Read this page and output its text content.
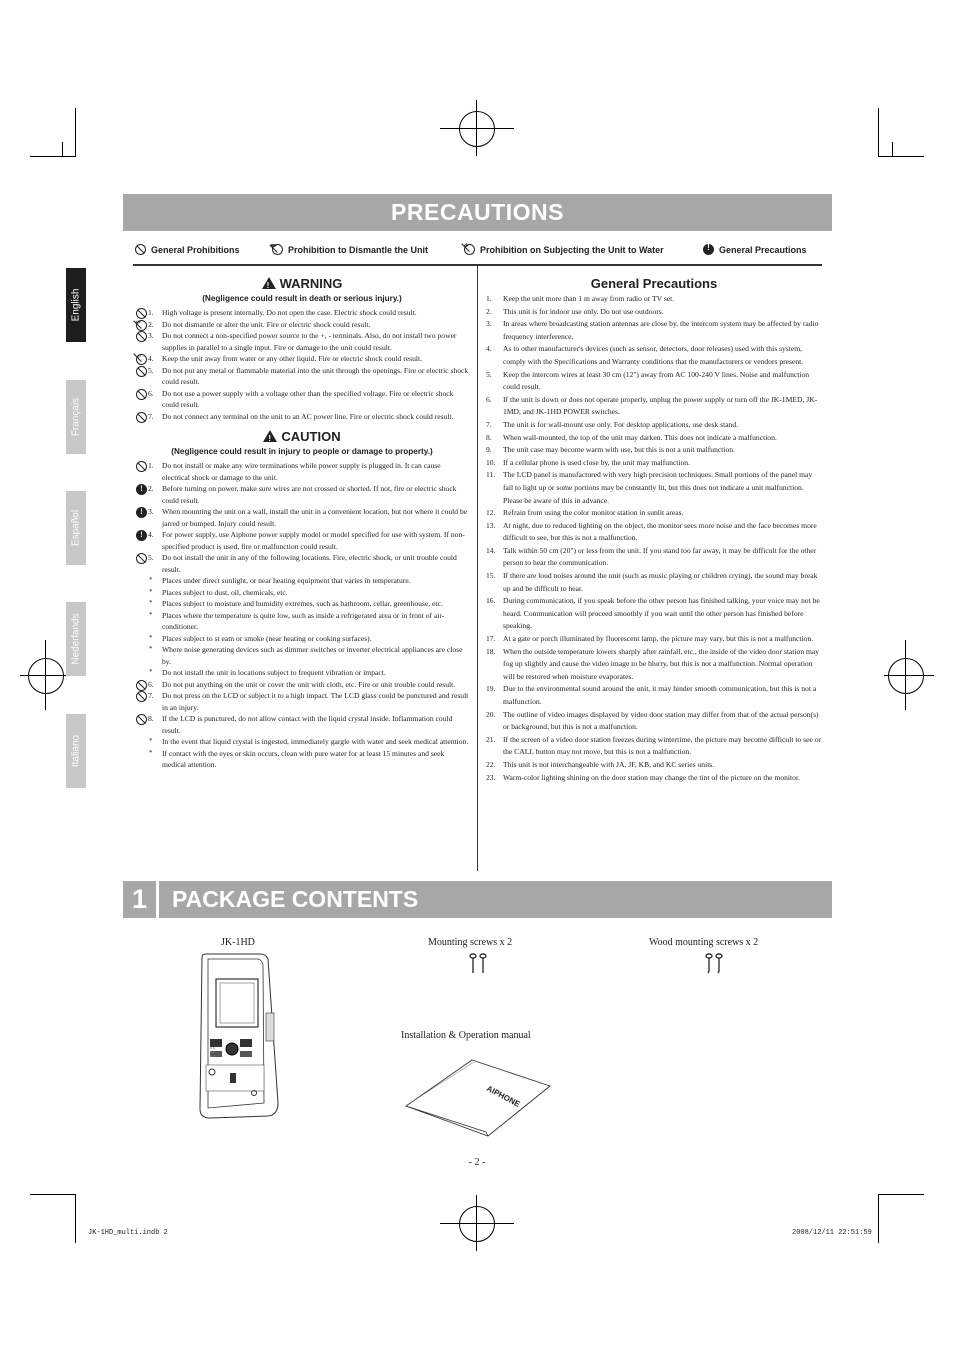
PRECAUTIONS
General Prohibitions ✎	Prohibition to Dismantle the Unit ≈	Prohibition on Subjecting the Unit to Water !	General Precautions
English
Français
Español
Nederlands
Italiano
!WARNING
(Negligence could result in death or serious injury.)
1. High voltage is present internally. Do not open the case. Electric shock could result.
✎
2. Do not dismantle or alter the unit. Fire or electric shock could result.
3. Do not connect a non-specified power source to the +, - terminals. Also, do not install two power supplies in parallel to a single input. Fire or damage to the unit could result.
≈
4. Keep the unit away from water or any other liquid. Fire or electric shock could result.
5. Do not put any metal or flammable material into the unit through the openings. Fire or electric shock could result.
6. Do not use a power supply with a voltage other than the specified voltage. Fire or electric shock could result.
7. Do not connect any terminal on the unit to an AC power line. Fire or electric shock could result.
!CAUTION
(Negligence could result in injury to people or damage to property.)
1. Do not install or make any wire terminations while power supply is plugged in. It can cause electrical shock or damage to the unit.
!
2. Before turning on power, make sure wires are not crossed or shorted. If not, fire or electric shock could result.
!
3. When mounting the unit on a wall, install the unit in a convenient location, but not where it could be jarred or bumped. Injury could result.
!
4. For power supply, use Aiphone power supply model or model specified for use with system. If non-specified product is used, fire or malfunction could result.
5. Do not install the unit in any of the following locations. Fire, electric shock, or unit trouble could result.
* Places under direct sunlight, or near heating equipment that varies in temperature.
* Places subject to dust, oil, chemicals, etc.
* Places subject to moisture and humidity extremes, such as bathroom, cellar, greenhouse, etc.
* Places where the temperature is quite low, such as inside a refrigerated area or in front of air-conditioner.
* Places subject to st eam or smoke (near heating or cooking surfaces).
* Where noise generating devices such as dimmer switches or inverter electrical appliances are close by.
* Do not install the unit in locations subject to frequent vibration or impact.
6. Do not put anything on the unit or cover the unit with cloth, etc. Fire or unit trouble could result.
7. Do not press on the LCD or subject it to a high impact. The LCD glass could be punctured and result in an injury.
8. If the LCD is punctured, do not allow contact with the liquid crystal inside. Inflammation could result.
* In the event that liquid crystal is ingested, immediately gargle with water and seek medical attention.
* If contact with the eyes or skin occurs, clean with pure water for at least 15 minutes and seek medical attention.
General Precautions
1. Keep the unit more than 1 m away from radio or TV set.
2. This unit is for indoor use only. Do not use outdoors.
3. In areas where broadcasting station antennas are close by, the intercom system may be affected by radio frequency interference.
4. As to other manufacturer's devices (such as sensor, detectors, door releases) used with this system, comply with the Specifications and Warranty conditions that the manufacturers or vendors present.
5. Keep the intercom wires at least 30 cm (12") away from AC 100-240 V lines. Noise and malfunction could result.
6. If the unit is down or does not operate properly, unplug the power supply or turn off the JK-1MED, JK-1MD, and JK-1HD POWER switches.
7. The unit is for wall-mount use only. For desktop applications, use desk stand.
8. When wall-mounted, the top of the unit may darken. This does not indicate a malfunction.
9. The unit case may become warm with use, but this is not a unit malfunction.
10. If a cellular phone is used close by, the unit may malfunction.
11. The LCD panel is manufactured with very high precision techniques. Small portions of the panel may fail to light up or some portions may be constantly lit, but this does not indicate a unit malfunction. Please be aware of this in advance.
12. Refrain from using the color monitor station in sunlit areas.
13. At night, due to reduced lighting on the object, the monitor sees more noise and the face becomes more difficult to see, but this is not a malfunction.
14. Talk within 50 cm (20") or less from the unit. If you stand too far away, it may be difficult for the other person to hear the communication.
15. If there are loud noises around the unit (such as music playing or children crying), the sound may break up and be difficult to hear.
16. During communication, if you speak before the other person has finished talking, your voice may not be heard. Communication will proceed smoothly if you wait until the other person has finished before speaking.
17. At a gate or porch illuminated by fluorescent lamp, the picture may vary, but this is not a malfunction.
18. When the outside temperature lowers sharply after rainfall, etc., the inside of the video door station may fog up slightly and cause the video image to be blurry, but this is not a malfunction. Normal operation will be restored when moisture evaporates.
19. Due to the environmental sound around the unit, it may hinder smooth communication, but this is not a malfunction.
20. The outline of video images displayed by video door station may differ from that of the actual person(s) or background, but this is not a malfunction.
21. If the screen of a video door station freezes during wintertime, the picture may become difficult to see or the CALL button may not move, but this is not a malfunction.
22. This unit is not interchangeable with JA, JF, KB, and KC series units.
23. Warm-color lighting shining on the door station may change the tint of the picture on the monitor.
1	PACKAGE CONTENTS
JK-1HD	Mounting screws x 2	Wood mounting screws x 2
Installation & Operation manual
AIPHONE
- 2 -
JK-1HD_multi.indb 2	2008/12/11 22:51:59
